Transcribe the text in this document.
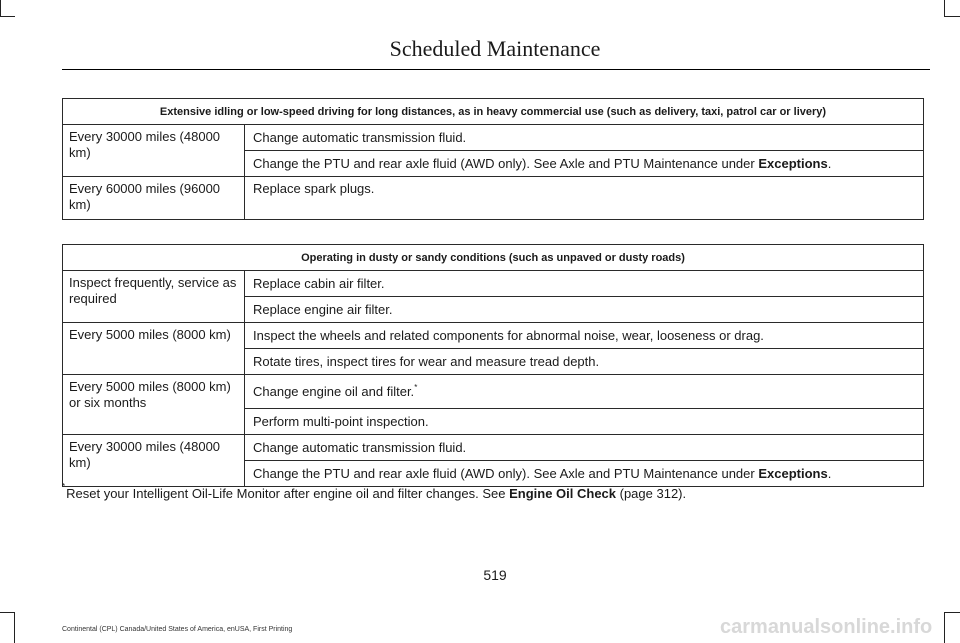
Scheduled Maintenance
Extensive idling or low-speed driving for long distances, as in heavy commercial use (such as delivery, taxi, patrol car or livery)	
Every 30000 miles (48000 km)	Change automatic transmission fluid.
	Change the PTU and rear axle fluid (AWD only). See Axle and PTU Maintenance under Exceptions.
Every 60000 miles (96000 km)	Replace spark plugs.
Operating in dusty or sandy conditions (such as unpaved or dusty roads)	
Inspect frequently, service as required	Replace cabin air filter.
	Replace engine air filter.
Every 5000 miles (8000 km)	Inspect the wheels and related components for abnormal noise, wear, looseness or drag.
	Rotate tires, inspect tires for wear and measure tread depth.
Every 5000 miles (8000 km) or six months	Change engine oil and filter.*
	Perform multi-point inspection.
Every 30000 miles (48000 km)	Change automatic transmission fluid.
	Change the PTU and rear axle fluid (AWD only). See Axle and PTU Maintenance under Exceptions.
*Reset your Intelligent Oil-Life Monitor after engine oil and filter changes. See Engine Oil Check (page 312).
519
Continental (CPL) Canada/United States of America, enUSA, First Printing	carmanualsonline.info
